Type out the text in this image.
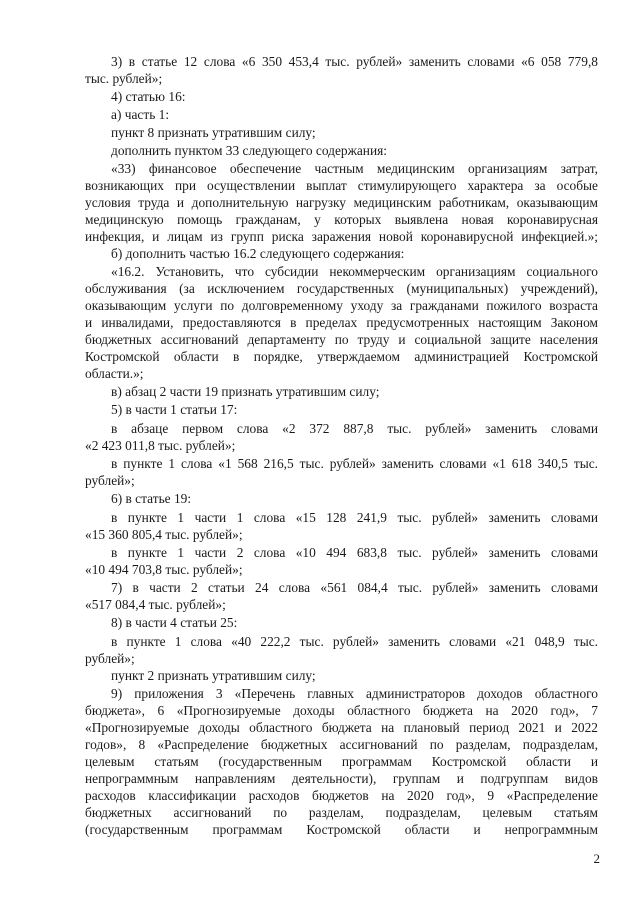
3) в статье 12 слова «6 350 453,4 тыс. рублей» заменить словами «6 058 779,8
тыс. рублей»;
4) статью 16:
а) часть 1:
пункт 8 признать утратившим силу;
дополнить пунктом 33 следующего содержания:
«33) финансовое обеспечение частным медицинским организациям затрат,
возникающих при осуществлении выплат стимулирующего характера за особые
условия труда и дополнительную нагрузку медицинским работникам, оказывающим
медицинскую помощь гражданам, у которых выявлена новая коронавирусная
инфекция, и лицам из групп риска заражения новой коронавирусной инфекцией.»;
б) дополнить частью 16.2 следующего содержания:
«16.2. Установить, что субсидии некоммерческим организациям социального
обслуживания (за исключением государственных (муниципальных) учреждений),
оказывающим услуги по долговременному уходу за гражданами пожилого возраста
и инвалидами, предоставляются в пределах предусмотренных настоящим Законом
бюджетных ассигнований департаменту по труду и социальной защите населения
Костромской области в порядке, утверждаемом администрацией Костромской
области.»;
в) абзац 2 части 19 признать утратившим силу;
5) в части 1 статьи 17:
в абзаце первом слова «2 372 887,8 тыс. рублей» заменить словами
«2 423 011,8 тыс. рублей»;
в пункте 1 слова «1 568 216,5 тыс. рублей» заменить словами «1 618 340,5 тыс.
рублей»;
6) в статье 19:
в пункте 1 части 1 слова «15 128 241,9 тыс. рублей» заменить словами
«15 360 805,4 тыс. рублей»;
в пункте 1 части 2 слова «10 494 683,8 тыс. рублей» заменить словами
«10 494 703,8 тыс. рублей»;
7) в части 2 статьи 24 слова «561 084,4 тыс. рублей» заменить словами
«517 084,4 тыс. рублей»;
8) в части 4 статьи 25:
в пункте 1 слова «40 222,2 тыс. рублей» заменить словами «21 048,9 тыс.
рублей»;
пункт 2 признать утратившим силу;
9) приложения 3 «Перечень главных администраторов доходов областного
бюджета», 6 «Прогнозируемые доходы областного бюджета на 2020 год», 7
«Прогнозируемые доходы областного бюджета на плановый период 2021 и 2022
годов», 8 «Распределение бюджетных ассигнований по разделам, подразделам,
целевым статьям (государственным программам Костромской области и
непрограммным направлениям деятельности), группам и подгруппам видов
расходов классификации расходов бюджетов на 2020 год», 9 «Распределение
бюджетных ассигнований по разделам, подразделам, целевым статьям
(государственным программам Костромской области и непрограммным
2
